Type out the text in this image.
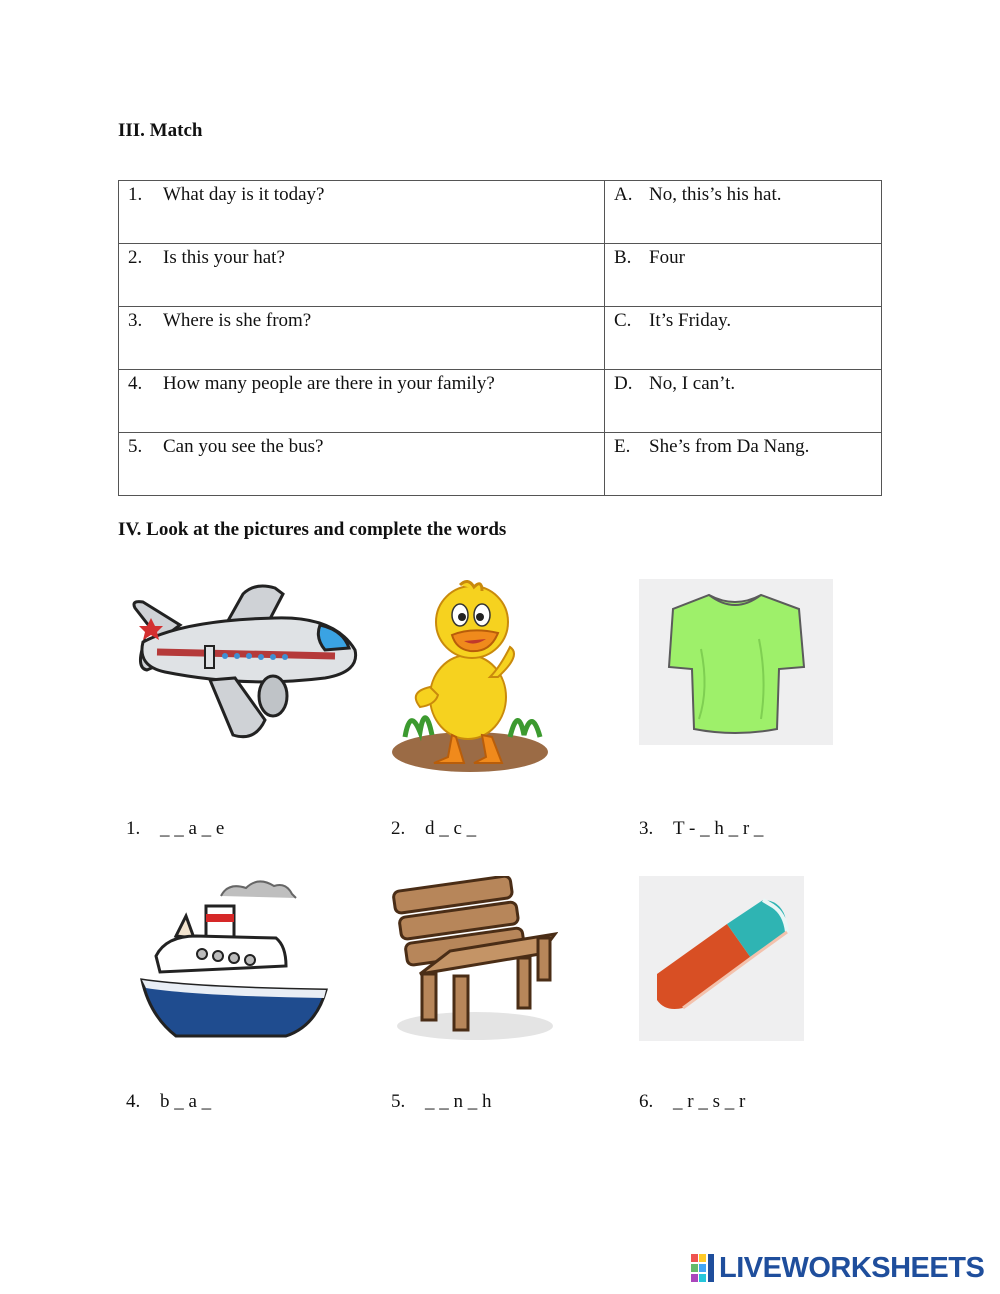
III. Match
1. What day is it today?	A. No, this’s his hat.

2. Is this your hat?	B. Four

3. Where is she from?	C. It’s Friday.

4. How many people are there in your family?	D. No, I can’t.

5. Can you see the bus?	E. She’s from Da Nang.
IV. Look at the pictures and complete the words
1. _ _ a _ e	2. d _ c _	3. T - _ h _ r _
4. b _ a _	5. _ _ n _ h	6. _ r _ s _ r
LIVEWORKSHEETS
